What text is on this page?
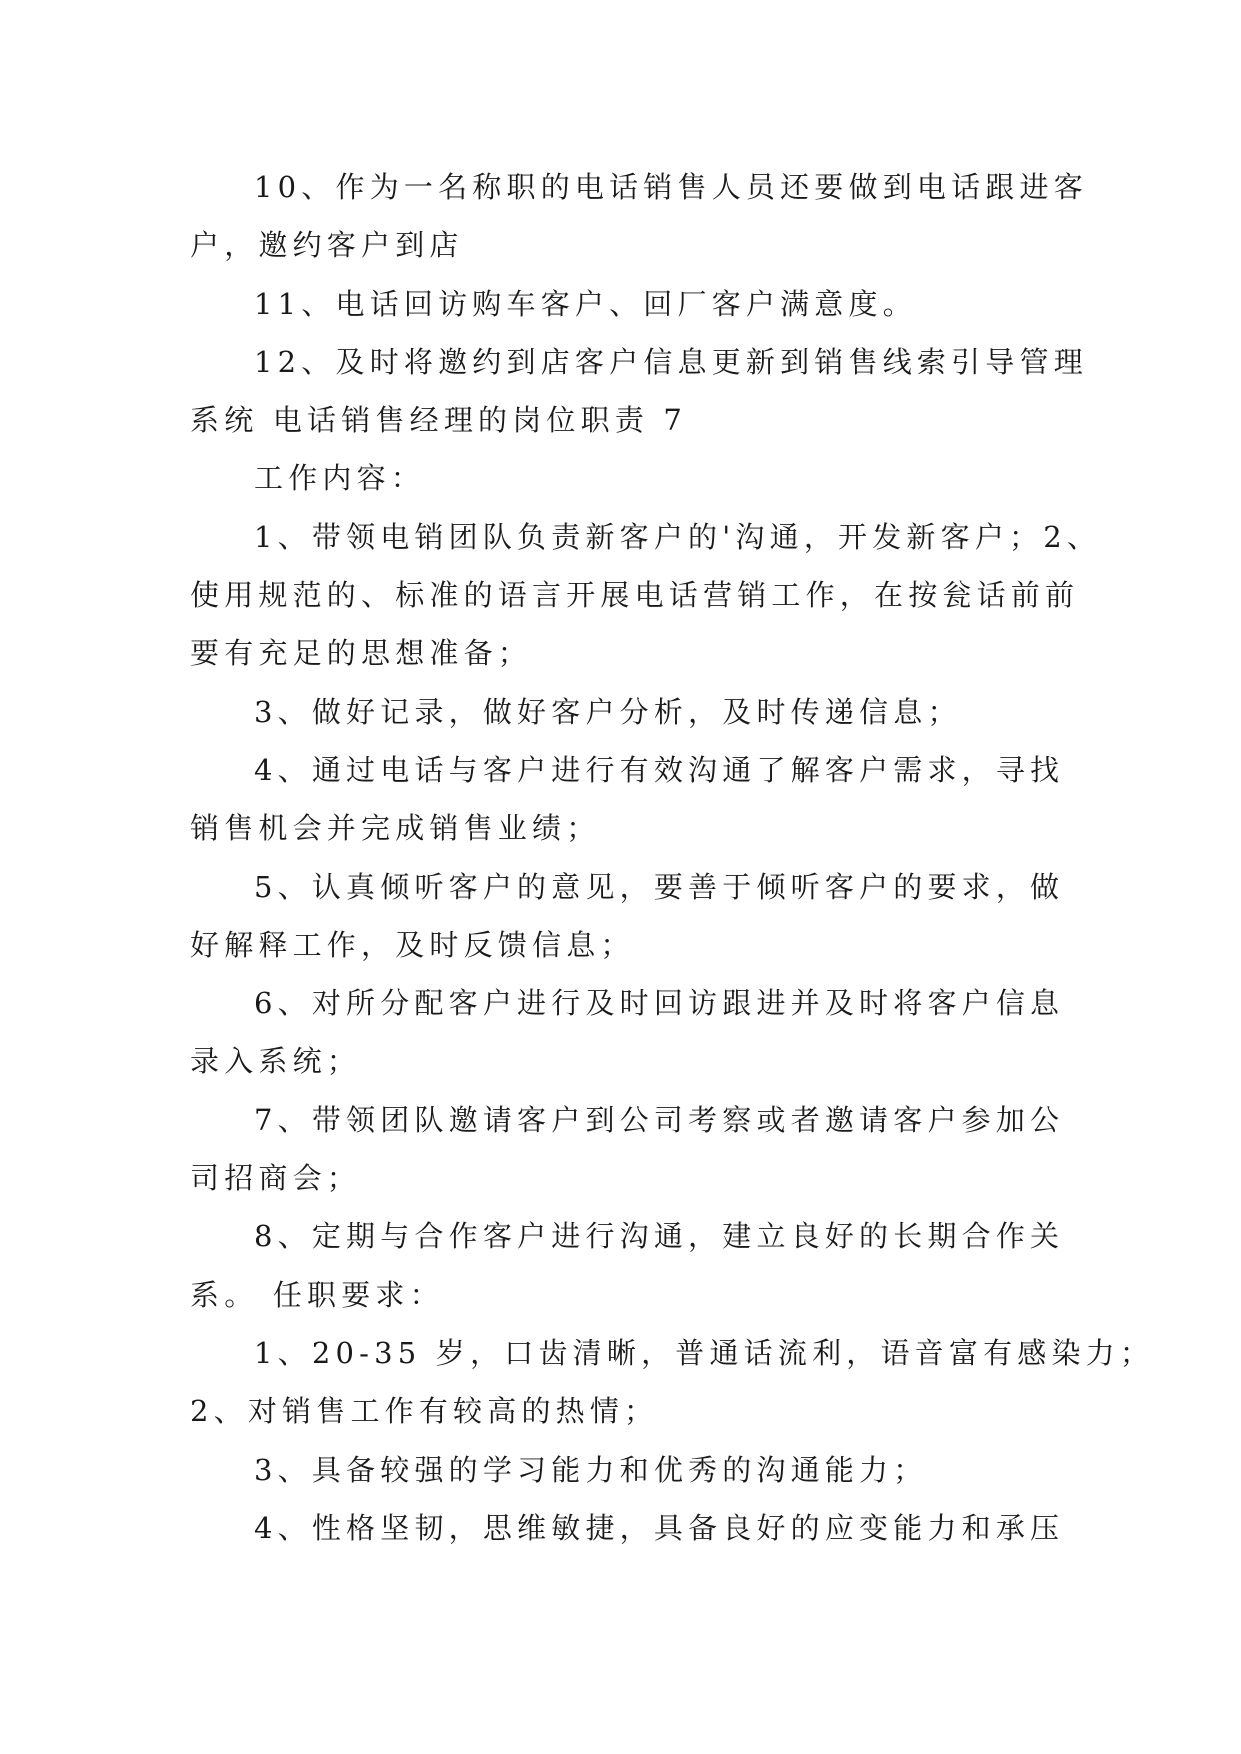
10、作为一名称职的电话销售人员还要做到电话跟进客
户，邀约客户到店
11、电话回访购车客户、回厂客户满意度。
12、及时将邀约到店客户信息更新到销售线索引导管理
系统 电话销售经理的岗位职责 7
工作内容：
1、带领电销团队负责新客户的'沟通，开发新客户；2、
使用规范的、标准的语言开展电话营销工作，在按瓮话前前
要有充足的思想准备；
3、做好记录，做好客户分析，及时传递信息；
4、通过电话与客户进行有效沟通了解客户需求，寻找
销售机会并完成销售业绩；
5、认真倾听客户的意见，要善于倾听客户的要求，做
好解释工作，及时反馈信息；
6、对所分配客户进行及时回访跟进并及时将客户信息
录入系统；
7、带领团队邀请客户到公司考察或者邀请客户参加公
司招商会；
8、定期与合作客户进行沟通，建立良好的长期合作关
系。 任职要求：
1、20-35 岁，口齿清晰，普通话流利，语音富有感染力；
2、对销售工作有较高的热情；
3、具备较强的学习能力和优秀的沟通能力；
4、性格坚韧，思维敏捷，具备良好的应变能力和承压
